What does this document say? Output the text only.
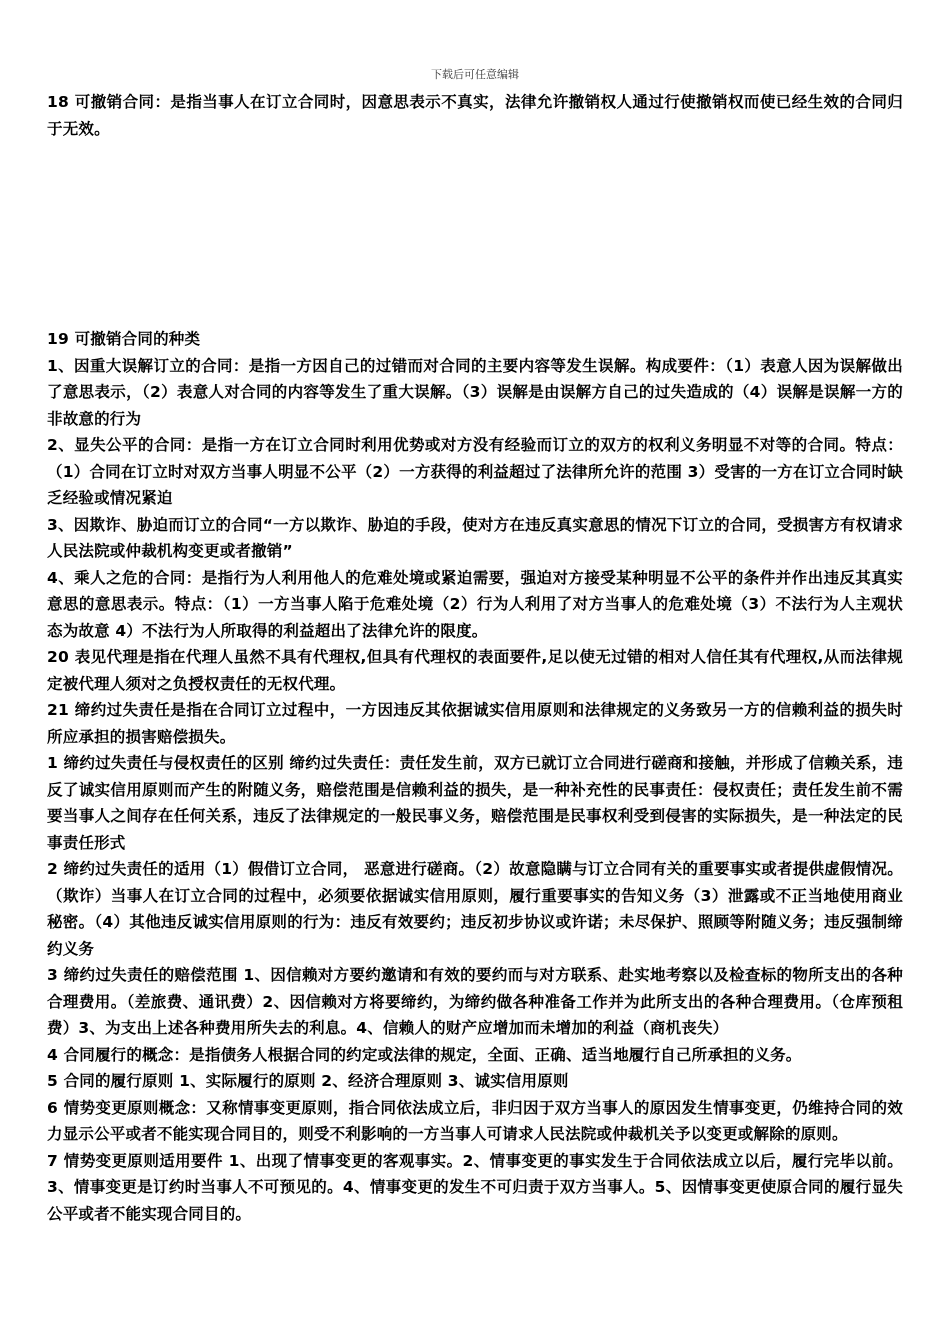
下载后可任意编辑

18 可撤销合同：是指当事人在订立合同时，因意思表示不真实，法律允许撤销权人通过行使撤销权而使已经生效的合同归于无效。

19 可撤销合同的种类

1、因重大误解订立的合同：是指一方因自己的过错而对合同的主要内容等发生误解。构成要件：（1）表意人因为误解做出了意思表示，（2）表意人对合同的内容等发生了重大误解。（3）误解是由误解方自己的过失造成的（4）误解是误解一方的非故意的行为

2、显失公平的合同：是指一方在订立合同时利用优势或对方没有经验而订立的双方的权利义务明显不对等的合同。特点：（1）合同在订立时对双方当事人明显不公平（2）一方获得的利益超过了法律所允许的范围 3）受害的一方在订立合同时缺乏经验或情况紧迫

3、因欺诈、胁迫而订立的合同“一方以欺诈、胁迫的手段，使对方在违反真实意思的情况下订立的合同，受损害方有权请求人民法院或仲裁机构变更或者撤销”

4、乘人之危的合同：是指行为人利用他人的危难处境或紧迫需要，强迫对方接受某种明显不公平的条件并作出违反其真实意思的意思表示。特点：（1）一方当事人陷于危难处境（2）行为人利用了对方当事人的危难处境（3）不法行为人主观状态为故意 4）不法行为人所取得的利益超出了法律允许的限度。

20 表见代理是指在代理人虽然不具有代理权,但具有代理权的表面要件,足以使无过错的相对人信任其有代理权,从而法律规定被代理人须对之负授权责任的无权代理。

21 缔约过失责任是指在合同订立过程中，一方因违反其依据诚实信用原则和法律规定的义务致另一方的信赖利益的损失时所应承担的损害赔偿损失。

1 缔约过失责任与侵权责任的区别 缔约过失责任：责任发生前，双方已就订立合同进行磋商和接触，并形成了信赖关系，违反了诚实信用原则而产生的附随义务，赔偿范围是信赖利益的损失，是一种补充性的民事责任：侵权责任；责任发生前不需要当事人之间存在任何关系，违反了法律规定的一般民事义务，赔偿范围是民事权利受到侵害的实际损失，是一种法定的民事责任形式

2 缔约过失责任的适用（1）假借订立合同， 恶意进行磋商。（2）故意隐瞒与订立合同有关的重要事实或者提供虚假情况。（欺诈）当事人在订立合同的过程中，必须要依据诚实信用原则，履行重要事实的告知义务（3）泄露或不正当地使用商业秘密。（4）其他违反诚实信用原则的行为：违反有效要约；违反初步协议或许诺；未尽保护、照顾等附随义务；违反强制缔约义务

3 缔约过失责任的赔偿范围 1、因信赖对方要约邀请和有效的要约而与对方联系、赴实地考察以及检查标的物所支出的各种合理费用。（差旅费、通讯费）2、因信赖对方将要缔约，为缔约做各种准备工作并为此所支出的各种合理费用。（仓库预租费）3、为支出上述各种费用所失去的利息。4、信赖人的财产应增加而未增加的利益（商机丧失）

4 合同履行的概念：是指债务人根据合同的约定或法律的规定，全面、正确、适当地履行自己所承担的义务。

5 合同的履行原则 1、实际履行的原则 2、经济合理原则 3、诚实信用原则

6 情势变更原则概念：又称情事变更原则，指合同依法成立后，非归因于双方当事人的原因发生情事变更，仍维持合同的效力显示公平或者不能实现合同目的，则受不利影响的一方当事人可请求人民法院或仲裁机关予以变更或解除的原则。

7 情势变更原则适用要件 1、出现了情事变更的客观事实。2、情事变更的事实发生于合同依法成立以后，履行完毕以前。3、情事变更是订约时当事人不可预见的。4、情事变更的发生不可归责于双方当事人。5、因情事变更使原合同的履行显失公平或者不能实现合同目的。
